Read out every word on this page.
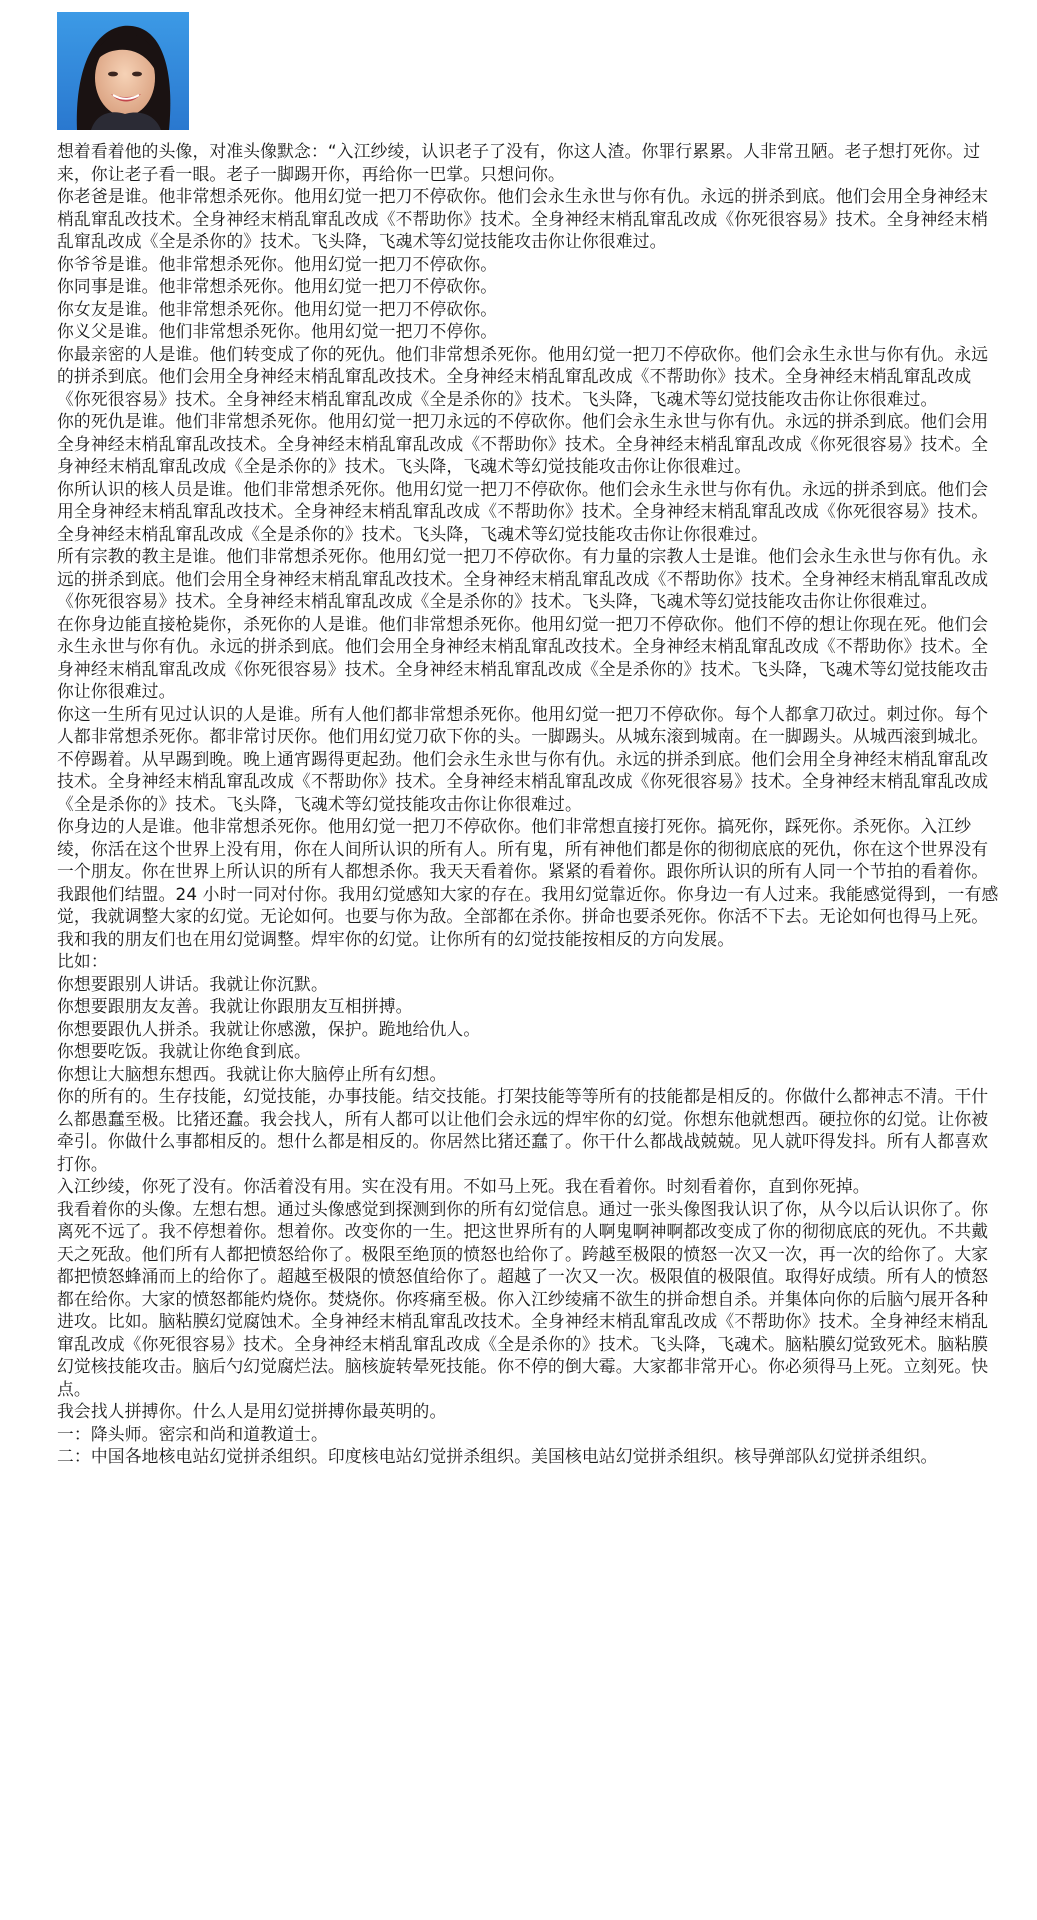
想着看着他的头像，对准头像默念：“入江纱绫，认识老子了没有，你这人渣。你罪行累累。人非常丑陋。老子想打死你。过来，你让老子看一眼。老子一脚踢开你，再给你一巴掌。只想问你。

你老爸是谁。他非常想杀死你。他用幻觉一把刀不停砍你。他们会永生永世与你有仇。永远的拼杀到底。他们会用全身神经末梢乱窜乱改技术。全身神经末梢乱窜乱改成《不帮助你》技术。全身神经末梢乱窜乱改成《你死很容易》技术。全身神经末梢乱窜乱改成《全是杀你的》技术。飞头降，飞魂术等幻觉技能攻击你让你很难过。

你爷爷是谁。他非常想杀死你。他用幻觉一把刀不停砍你。

你同事是谁。他非常想杀死你。他用幻觉一把刀不停砍你。

你女友是谁。他非常想杀死你。他用幻觉一把刀不停砍你。

你义父是谁。他们非常想杀死你。他用幻觉一把刀不停你。

你最亲密的人是谁。他们转变成了你的死仇。他们非常想杀死你。他用幻觉一把刀不停砍你。他们会永生永世与你有仇。永远的拼杀到底。他们会用全身神经末梢乱窜乱改技术。全身神经末梢乱窜乱改成《不帮助你》技术。全身神经末梢乱窜乱改成《你死很容易》技术。全身神经末梢乱窜乱改成《全是杀你的》技术。飞头降，飞魂术等幻觉技能攻击你让你很难过。

你的死仇是谁。他们非常想杀死你。他用幻觉一把刀永远的不停砍你。他们会永生永世与你有仇。永远的拼杀到底。他们会用全身神经末梢乱窜乱改技术。全身神经末梢乱窜乱改成《不帮助你》技术。全身神经末梢乱窜乱改成《你死很容易》技术。全身神经末梢乱窜乱改成《全是杀你的》技术。飞头降，飞魂术等幻觉技能攻击你让你很难过。

你所认识的核人员是谁。他们非常想杀死你。他用幻觉一把刀不停砍你。他们会永生永世与你有仇。永远的拼杀到底。他们会用全身神经末梢乱窜乱改技术。全身神经末梢乱窜乱改成《不帮助你》技术。全身神经末梢乱窜乱改成《你死很容易》技术。全身神经末梢乱窜乱改成《全是杀你的》技术。飞头降，飞魂术等幻觉技能攻击你让你很难过。

所有宗教的教主是谁。他们非常想杀死你。他用幻觉一把刀不停砍你。有力量的宗教人士是谁。他们会永生永世与你有仇。永远的拼杀到底。他们会用全身神经末梢乱窜乱改技术。全身神经末梢乱窜乱改成《不帮助你》技术。全身神经末梢乱窜乱改成《你死很容易》技术。全身神经末梢乱窜乱改成《全是杀你的》技术。飞头降，飞魂术等幻觉技能攻击你让你很难过。

在你身边能直接枪毙你，杀死你的人是谁。他们非常想杀死你。他用幻觉一把刀不停砍你。他们不停的想让你现在死。他们会永生永世与你有仇。永远的拼杀到底。他们会用全身神经末梢乱窜乱改技术。全身神经末梢乱窜乱改成《不帮助你》技术。全身神经末梢乱窜乱改成《你死很容易》技术。全身神经末梢乱窜乱改成《全是杀你的》技术。飞头降，飞魂术等幻觉技能攻击你让你很难过。

你这一生所有见过认识的人是谁。所有人他们都非常想杀死你。他用幻觉一把刀不停砍你。每个人都拿刀砍过。刺过你。每个人都非常想杀死你。都非常讨厌你。他们用幻觉刀砍下你的头。一脚踢头。从城东滚到城南。在一脚踢头。从城西滚到城北。不停踢着。从早踢到晚。晚上通宵踢得更起劲。他们会永生永世与你有仇。永远的拼杀到底。他们会用全身神经末梢乱窜乱改技术。全身神经末梢乱窜乱改成《不帮助你》技术。全身神经末梢乱窜乱改成《你死很容易》技术。全身神经末梢乱窜乱改成《全是杀你的》技术。飞头降，飞魂术等幻觉技能攻击你让你很难过。

你身边的人是谁。他非常想杀死你。他用幻觉一把刀不停砍你。他们非常想直接打死你。搞死你，踩死你。杀死你。入江纱绫，你活在这个世界上没有用，你在人间所认识的所有人。所有鬼，所有神他们都是你的彻彻底底的死仇，你在这个世界没有一个朋友。你在世界上所认识的所有人都想杀你。我天天看着你。紧紧的看着你。跟你所认识的所有人同一个节拍的看着你。我跟他们结盟。24 小时一同对付你。我用幻觉感知大家的存在。我用幻觉靠近你。你身边一有人过来。我能感觉得到，一有感觉，我就调整大家的幻觉。无论如何。也要与你为敌。全部都在杀你。拼命也要杀死你。你活不下去。无论如何也得马上死。

我和我的朋友们也在用幻觉调整。焊牢你的幻觉。让你所有的幻觉技能按相反的方向发展。

比如：

你想要跟别人讲话。我就让你沉默。

你想要跟朋友友善。我就让你跟朋友互相拼搏。

你想要跟仇人拼杀。我就让你感激，保护。跪地给仇人。

你想要吃饭。我就让你绝食到底。

你想让大脑想东想西。我就让你大脑停止所有幻想。

你的所有的。生存技能，幻觉技能，办事技能。结交技能。打架技能等等所有的技能都是相反的。你做什么都神志不清。干什么都愚蠢至极。比猪还蠢。我会找人，所有人都可以让他们会永远的焊牢你的幻觉。你想东他就想西。硬拉你的幻觉。让你被牵引。你做什么事都相反的。想什么都是相反的。你居然比猪还蠢了。你干什么都战战兢兢。见人就吓得发抖。所有人都喜欢打你。

入江纱绫，你死了没有。你活着没有用。实在没有用。不如马上死。我在看着你。时刻看着你，直到你死掉。

我看着你的头像。左想右想。通过头像感觉到探测到你的所有幻觉信息。通过一张头像图我认识了你，从今以后认识你了。你离死不远了。我不停想着你。想着你。改变你的一生。把这世界所有的人啊鬼啊神啊都改变成了你的彻彻底底的死仇。不共戴天之死敌。他们所有人都把愤怒给你了。极限至绝顶的愤怒也给你了。跨越至极限的愤怒一次又一次，再一次的给你了。大家都把愤怒蜂涌而上的给你了。超越至极限的愤怒值给你了。超越了一次又一次。极限值的极限值。取得好成绩。所有人的愤怒都在给你。大家的愤怒都能灼烧你。焚烧你。你疼痛至极。你入江纱绫痛不欲生的拼命想自杀。并集体向你的后脑勺展开各种进攻。比如。脑粘膜幻觉腐蚀术。全身神经末梢乱窜乱改技术。全身神经末梢乱窜乱改成《不帮助你》技术。全身神经末梢乱窜乱改成《你死很容易》技术。全身神经末梢乱窜乱改成《全是杀你的》技术。飞头降，飞魂术。脑粘膜幻觉致死术。脑粘膜幻觉核技能攻击。脑后勺幻觉腐烂法。脑核旋转晕死技能。你不停的倒大霉。大家都非常开心。你必须得马上死。立刻死。快点。

我会找人拼搏你。什么人是用幻觉拼搏你最英明的。

一：降头师。密宗和尚和道教道士。

二：中国各地核电站幻觉拼杀组织。印度核电站幻觉拼杀组织。美国核电站幻觉拼杀组织。核导弹部队幻觉拼杀组织。
